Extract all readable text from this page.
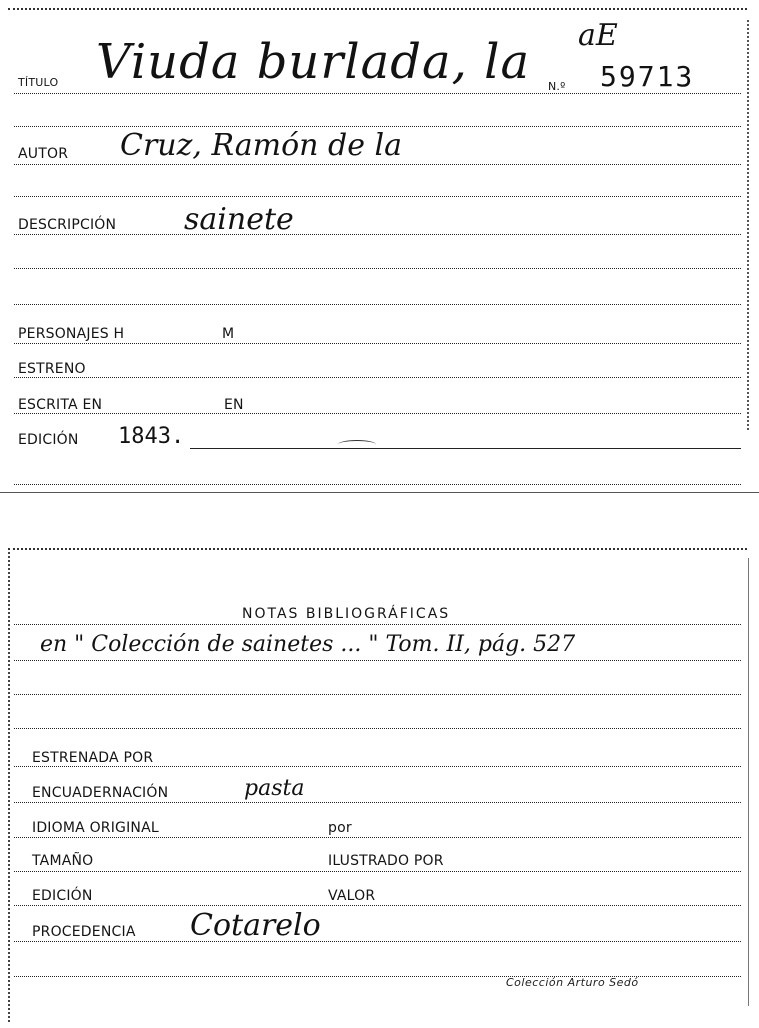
TÍTULO Viuda burlada, la N.º
aE
59713
AUTOR Cruz, Ramón de la
DESCRIPCIÓN sainete
PERSONAJES H	M
ESTRENO
ESCRITA EN	EN
EDICIÓN 1843.
NOTAS BIBLIOGRÁFICAS
en " Colección de sainetes ... " Tom. II, pág. 527
ESTRENADA POR
ENCUADERNACIÓN	pasta
IDIOMA ORIGINAL	por
TAMAÑO	ILUSTRADO POR
EDICIÓN	VALOR
PROCEDENCIA Cotarelo
Colección Arturo Sedó
